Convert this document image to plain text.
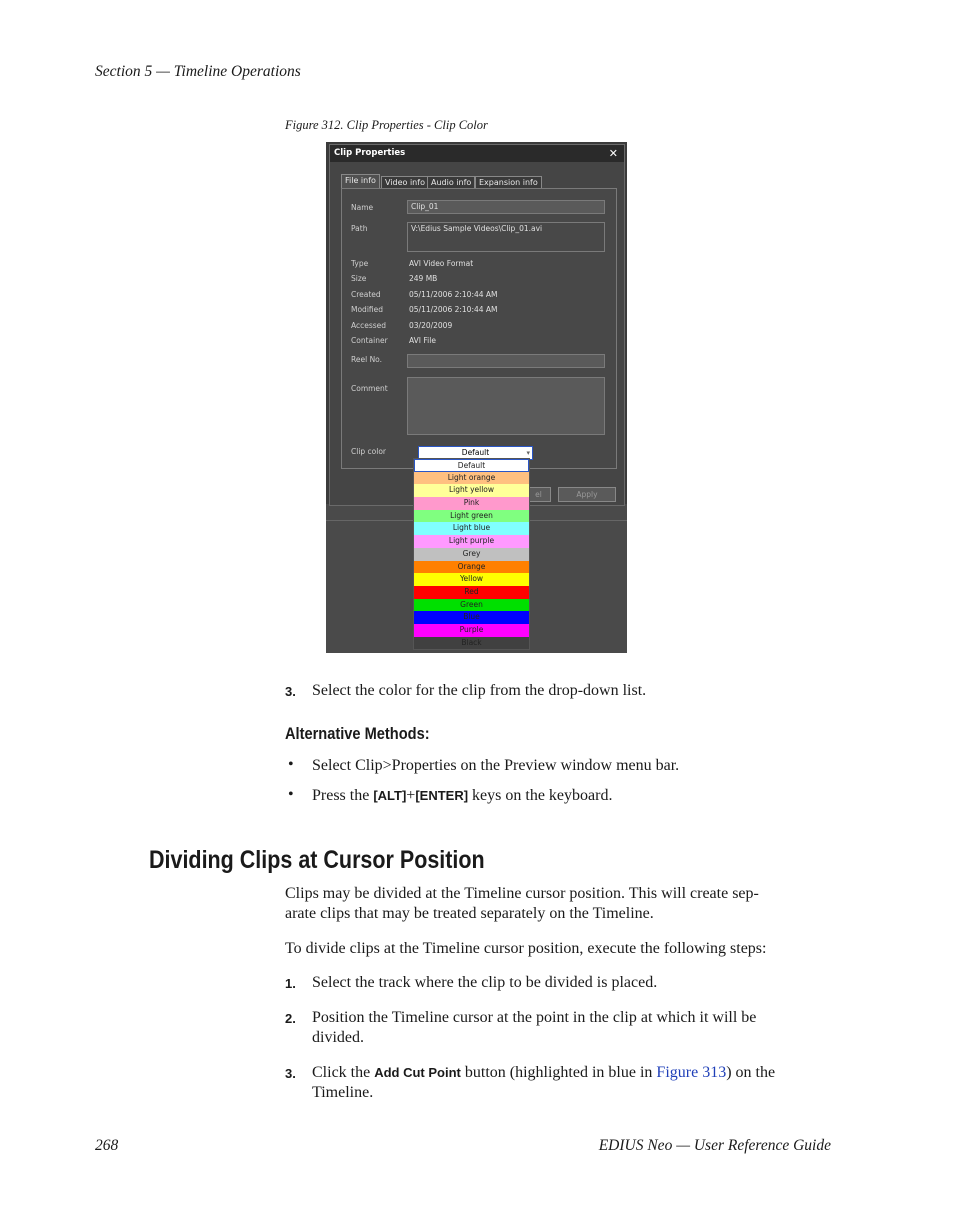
Section 5 — Timeline Operations
Figure 312. Clip Properties - Clip Color
Clip Properties	✕
File info	Video info Audio info Expansion info
Name	Clip_01
Path	V:\Edius Sample Videos\Clip_01.avi
Type	AVI Video Format
Size	249 MB
Created	05/11/2006 2:10:44 AM
Modified	05/11/2006 2:10:44 AM
Accessed	03/20/2009
Container	AVI File
Reel No.
Comment
Clip color	Default	▾
el	Apply
Default
Light orange
Light yellow
Pink
Light green
Light blue
Light purple
Grey
Orange
Yellow
Red
Green
Blue
Purple
Black
3. Select the color for the clip from the drop-down list.
Alternative Methods:
• Select Clip>Properties on the Preview window menu bar.
• Press the [ALT]+[ENTER] keys on the keyboard.
Dividing Clips at Cursor Position
Clips may be divided at the Timeline cursor position. This will create sep-
arate clips that may be treated separately on the Timeline.
To divide clips at the Timeline cursor position, execute the following steps:
1. Select the track where the clip to be divided is placed.
2. Position the Timeline cursor at the point in the clip at which it will be
divided.
3. Click the Add Cut Point button (highlighted in blue in Figure 313) on the
Timeline.
268	EDIUS Neo — User Reference Guide
